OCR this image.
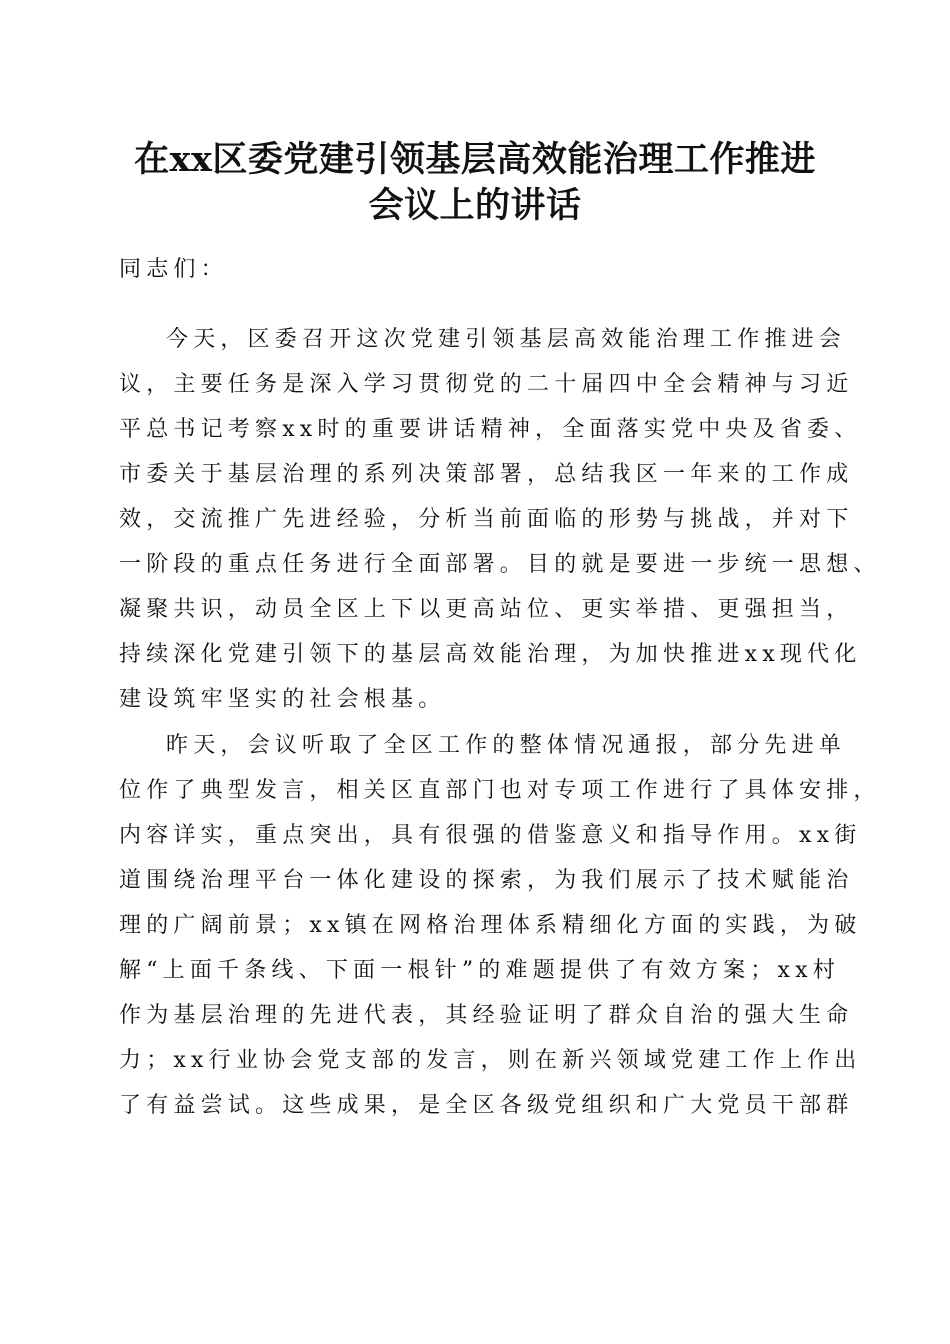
在xx区委党建引领基层高效能治理工作推进
会议上的讲话
同志们：
今天，区委召开这次党建引领基层高效能治理工作推进会
议，主要任务是深入学习贯彻党的二十届四中全会精神与习近
平总书记考察xx时的重要讲话精神，全面落实党中央及省委、
市委关于基层治理的系列决策部署，总结我区一年来的工作成
效，交流推广先进经验，分析当前面临的形势与挑战，并对下
一阶段的重点任务进行全面部署。目的就是要进一步统一思想、
凝聚共识，动员全区上下以更高站位、更实举措、更强担当，
持续深化党建引领下的基层高效能治理，为加快推进xx现代化
建设筑牢坚实的社会根基。
昨天，会议听取了全区工作的整体情况通报，部分先进单
位作了典型发言，相关区直部门也对专项工作进行了具体安排，
内容详实，重点突出，具有很强的借鉴意义和指导作用。xx街
道围绕治理平台一体化建设的探索，为我们展示了技术赋能治
理的广阔前景；xx镇在网格治理体系精细化方面的实践，为破
解“上面千条线、下面一根针”的难题提供了有效方案；xx村
作为基层治理的先进代表，其经验证明了群众自治的强大生命
力；xx行业协会党支部的发言，则在新兴领域党建工作上作出
了有益尝试。这些成果，是全区各级党组织和广大党员干部群
